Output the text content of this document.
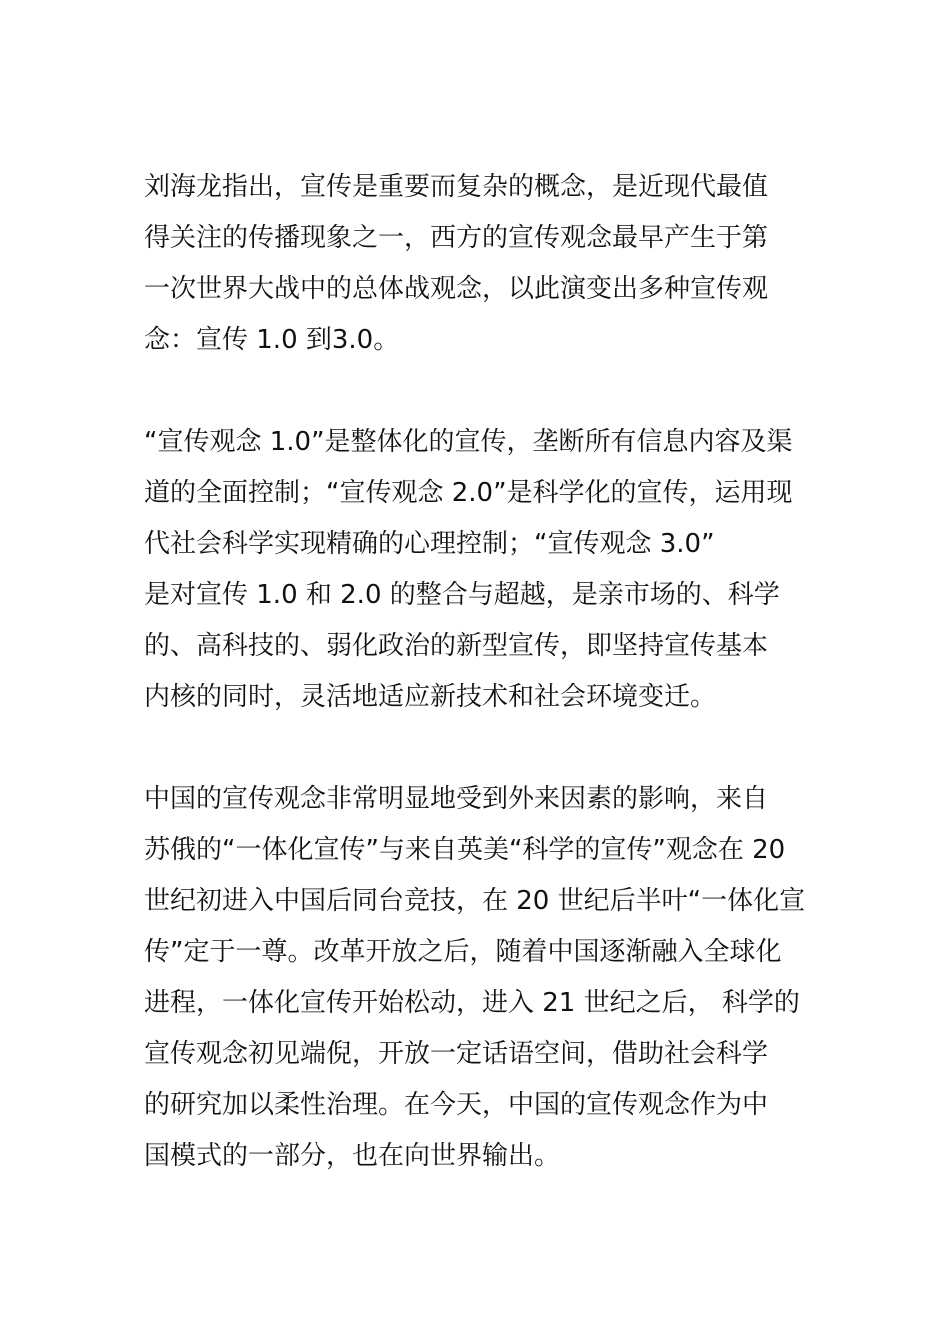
刘海龙指出，宣传是重要而复杂的概念，是近现代最值
得关注的传播现象之一，西方的宣传观念最早产生于第
一次世界大战中的总体战观念，以此演变出多种宣传观
念：宣传 1.0 到3.0。
“宣传观念 1.0”是整体化的宣传，垄断所有信息内容及渠
道的全面控制；“宣传观念 2.0”是科学化的宣传，运用现
代社会科学实现精确的心理控制；“宣传观念 3.0”
是对宣传 1.0 和 2.0 的整合与超越，是亲市场的、科学
的、高科技的、弱化政治的新型宣传，即坚持宣传基本
内核的同时，灵活地适应新技术和社会环境变迁。
中国的宣传观念非常明显地受到外来因素的影响，来自
苏俄的“一体化宣传”与来自英美“科学的宣传”观念在 20
世纪初进入中国后同台竞技，在 20 世纪后半叶“一体化宣
传”定于一尊。改革开放之后，随着中国逐渐融入全球化
进程，一体化宣传开始松动，进入 21 世纪之后， 科学的
宣传观念初见端倪，开放一定话语空间，借助社会科学
的研究加以柔性治理。在今天，中国的宣传观念作为中
国模式的一部分，也在向世界输出。
